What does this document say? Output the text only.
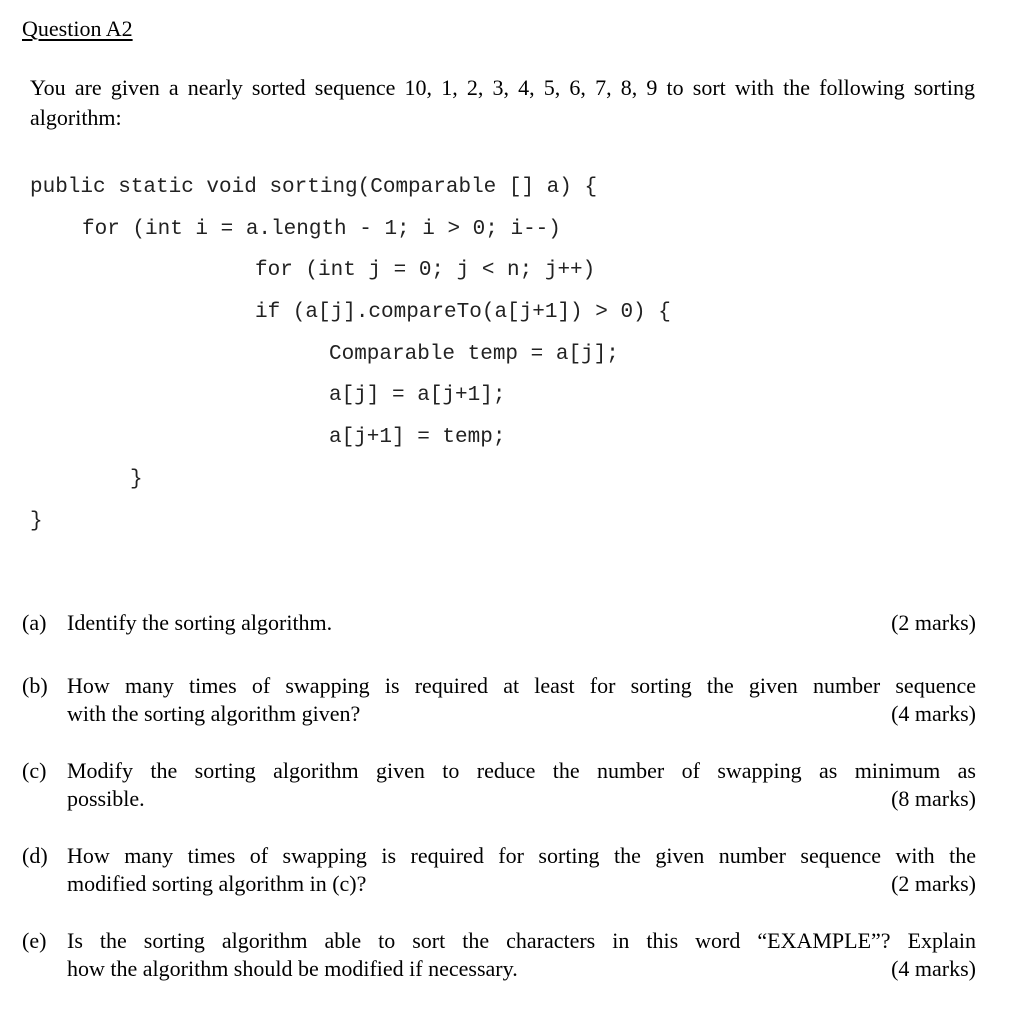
Question A2
You are given a nearly sorted sequence 10, 1, 2, 3, 4, 5, 6, 7, 8, 9 to sort with the following sorting algorithm:
public static void sorting(Comparable [] a) {
for (int i = a.length - 1; i > 0; i--)
for (int j = 0; j < n; j++)
if (a[j].compareTo(a[j+1]) > 0) {
Comparable temp = a[j];
a[j] = a[j+1];
a[j+1] = temp;
}
}
(a) Identify the sorting algorithm.	(2 marks)
(b) How many times of swapping is required at least for sorting the given number sequence
with the sorting algorithm given?	(4 marks)
(c) Modify the sorting algorithm given to reduce the number of swapping as minimum as
possible.	(8 marks)
(d) How many times of swapping is required for sorting the given number sequence with the
modified sorting algorithm in (c)?	(2 marks)
(e) Is the sorting algorithm able to sort the characters in this word “EXAMPLE”? Explain
how the algorithm should be modified if necessary.	(4 marks)
